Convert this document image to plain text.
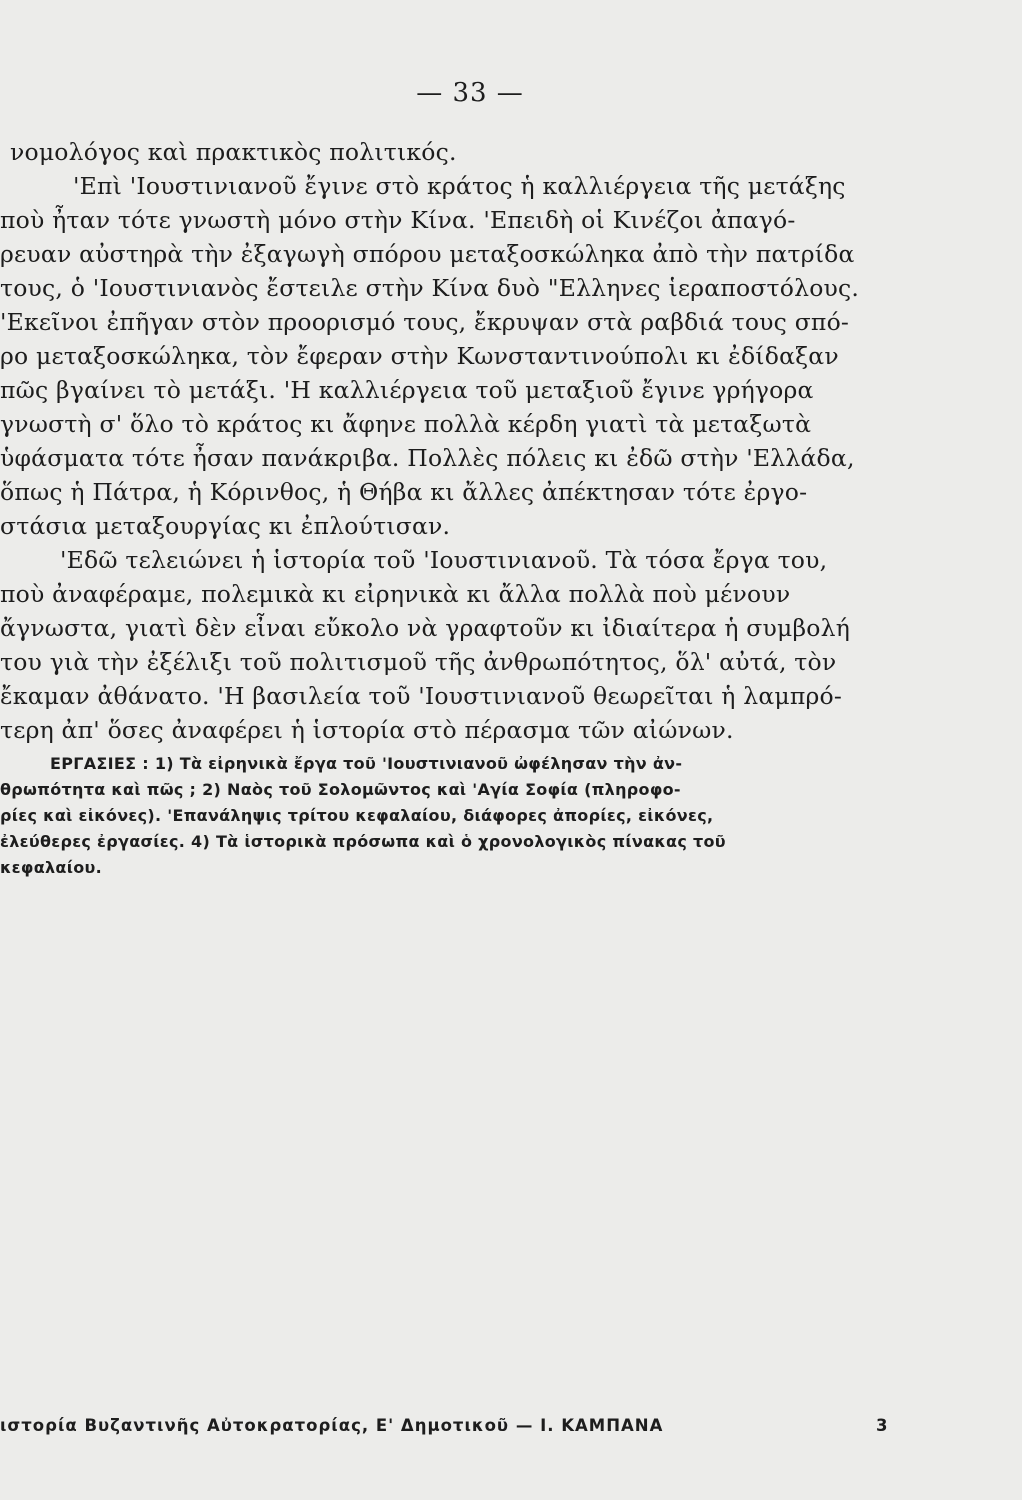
— 33 —
νομολόγος καὶ πρακτικὸς πολιτικός.
'Επὶ 'Ιουστινιανοῦ ἔγινε στὸ κράτος ἡ καλλιέργεια τῆς μετάξης
ποὺ ἦταν τότε γνωστὴ μόνο στὴν Κίνα. 'Επειδὴ οἱ Κινέζοι ἀπαγό-
ρευαν αὐστηρὰ τὴν ἐξαγωγὴ σπόρου μεταξοσκώληκα ἀπὸ τὴν πατρίδα
τους, ὁ 'Ιουστινιανὸς ἔστειλε στὴν Κίνα δυὸ "Ελληνες ἱεραποστόλους.
'Εκεῖνοι ἐπῆγαν στὸν προορισμό τους, ἔκρυψαν στὰ ραβδιά τους σπό-
ρο μεταξοσκώληκα, τὸν ἔφεραν στὴν Κωνσταντινούπολι κι ἐδίδαξαν
πῶς βγαίνει τὸ μετάξι. 'Η καλλιέργεια τοῦ μεταξιοῦ ἔγινε γρήγορα
γνωστὴ σ' ὅλο τὸ κράτος κι ἄφηνε πολλὰ κέρδη γιατὶ τὰ μεταξωτὰ
ὑφάσματα τότε ἦσαν πανάκριβα. Πολλὲς πόλεις κι ἐδῶ στὴν 'Ελλάδα,
ὅπως ἡ Πάτρα, ἡ Κόρινθος, ἡ Θήβα κι ἄλλες ἀπέκτησαν τότε ἐργο-
στάσια μεταξουργίας κι ἐπλούτισαν.
'Εδῶ τελειώνει ἡ ἱστορία τοῦ 'Ιουστινιανοῦ. Τὰ τόσα ἔργα του,
ποὺ ἀναφέραμε, πολεμικὰ κι εἰρηνικὰ κι ἄλλα πολλὰ ποὺ μένουν
ἄγνωστα, γιατὶ δὲν εἶναι εὔκολο νὰ γραφτοῦν κι ἰδιαίτερα ἡ συμβολή
του γιὰ τὴν ἐξέλιξι τοῦ πολιτισμοῦ τῆς ἀνθρωπότητος, ὅλ' αὐτά, τὸν
ἔκαμαν ἀθάνατο. 'Η βασιλεία τοῦ 'Ιουστινιανοῦ θεωρεῖται ἡ λαμπρό-
τερη ἀπ' ὅσες ἀναφέρει ἡ ἱστορία στὸ πέρασμα τῶν αἰώνων.
ΕΡΓΑΣΙΕΣ : 1) Τὰ εἰρηνικὰ ἔργα τοῦ 'Ιουστινιανοῦ ὠφέλησαν τὴν ἀν-
θρωπότητα καὶ πῶς ; 2) Ναὸς τοῦ Σολομῶντος καὶ 'Αγία Σοφία (πληροφο-
ρίες καὶ εἰκόνες). 'Επανάληψις τρίτου κεφαλαίου, διάφορες ἀπορίες, εἰκόνες,
ἐλεύθερες ἐργασίες. 4) Τὰ ἱστορικὰ πρόσωπα καὶ ὁ χρονολογικὸς πίνακας τοῦ
κεφαλαίου.
ιστορία Βυζαντινῆς Αὐτοκρατορίας, Ε' Δημοτικοῦ — Ι. ΚΑΜΠΑΝΑ	3
